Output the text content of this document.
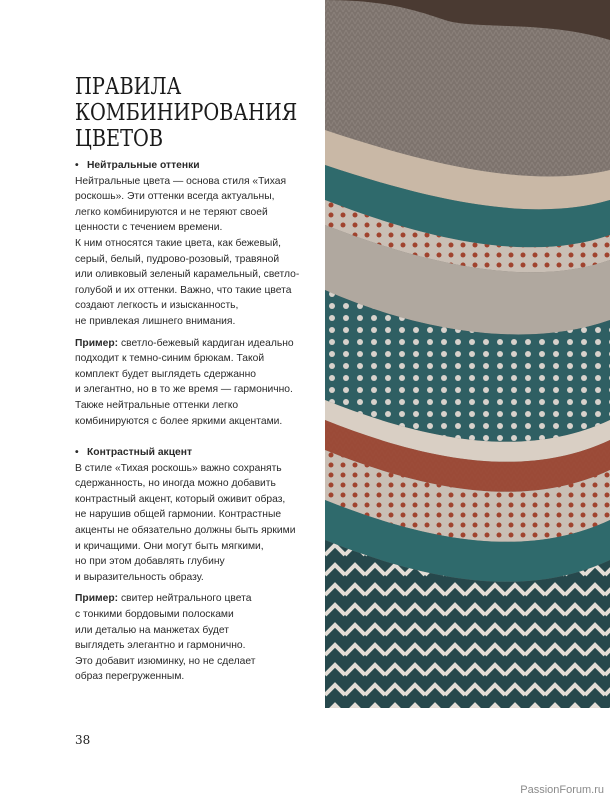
ПРАВИЛА
КОМБИНИРОВАНИЯ
ЦВЕТОВ
• Нейтральные оттенки
Нейтральные цвета — основа стиля «Тихая
роскошь». Эти оттенки всегда актуальны,
легко комбинируются и не теряют своей
ценности с течением времени.
К ним относятся такие цвета, как бежевый,
серый, белый, пудрово-розовый, травяной
или оливковый зеленый карамельный, светло-
голубой и их оттенки. Важно, что такие цвета
создают легкость и изысканность,
не привлекая лишнего внимания.
Пример: светло-бежевый кардиган идеально
подходит к темно-синим брюкам. Такой
комплект будет выглядеть сдержанно
и элегантно, но в то же время — гармонично.
Также нейтральные оттенки легко
комбинируются с более яркими акцентами.
• Контрастный акцент
В стиле «Тихая роскошь» важно сохранять
сдержанность, но иногда можно добавить
контрастный акцент, который оживит образ,
не нарушив общей гармонии. Контрастные
акценты не обязательно должны быть яркими
и кричащими. Они могут быть мягкими,
но при этом добавлять глубину
и выразительность образу.
Пример: свитер нейтрального цвета
с тонкими бордовыми полосками
или деталью на манжетах будет
выглядеть элегантно и гармонично.
Это добавит изюминку, но не сделает
образ перегруженным.
38
PassionForum.ru
